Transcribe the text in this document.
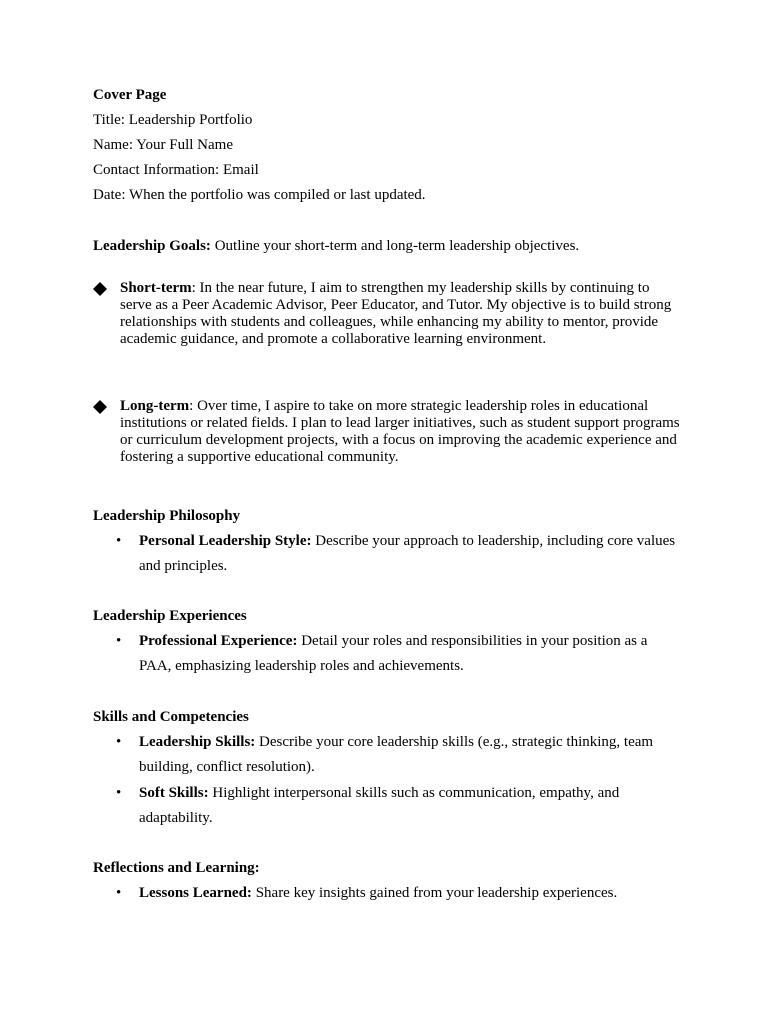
Cover Page

Title: Leadership Portfolio

Name: Your Full Name

Contact Information: Email

Date: When the portfolio was compiled or last updated.

Leadership Goals: Outline your short-term and long-term leadership objectives.
Short-term: In the near future, I aim to strengthen my leadership skills by continuing to serve as a Peer Academic Advisor, Peer Educator, and Tutor. My objective is to build strong relationships with students and colleagues, while enhancing my ability to mentor, provide academic guidance, and promote a collaborative learning environment.
Long-term: Over time, I aspire to take on more strategic leadership roles in educational institutions or related fields. I plan to lead larger initiatives, such as student support programs or curriculum development projects, with a focus on improving the academic experience and fostering a supportive educational community.
Leadership Philosophy
• Personal Leadership Style: Describe your approach to leadership, including core values and principles.
Leadership Experiences
• Professional Experience: Detail your roles and responsibilities in your position as a PAA, emphasizing leadership roles and achievements.
Skills and Competencies
• Leadership Skills: Describe your core leadership skills (e.g., strategic thinking, team building, conflict resolution).
• Soft Skills: Highlight interpersonal skills such as communication, empathy, and adaptability.
Reflections and Learning:
• Lessons Learned: Share key insights gained from your leadership experiences.
